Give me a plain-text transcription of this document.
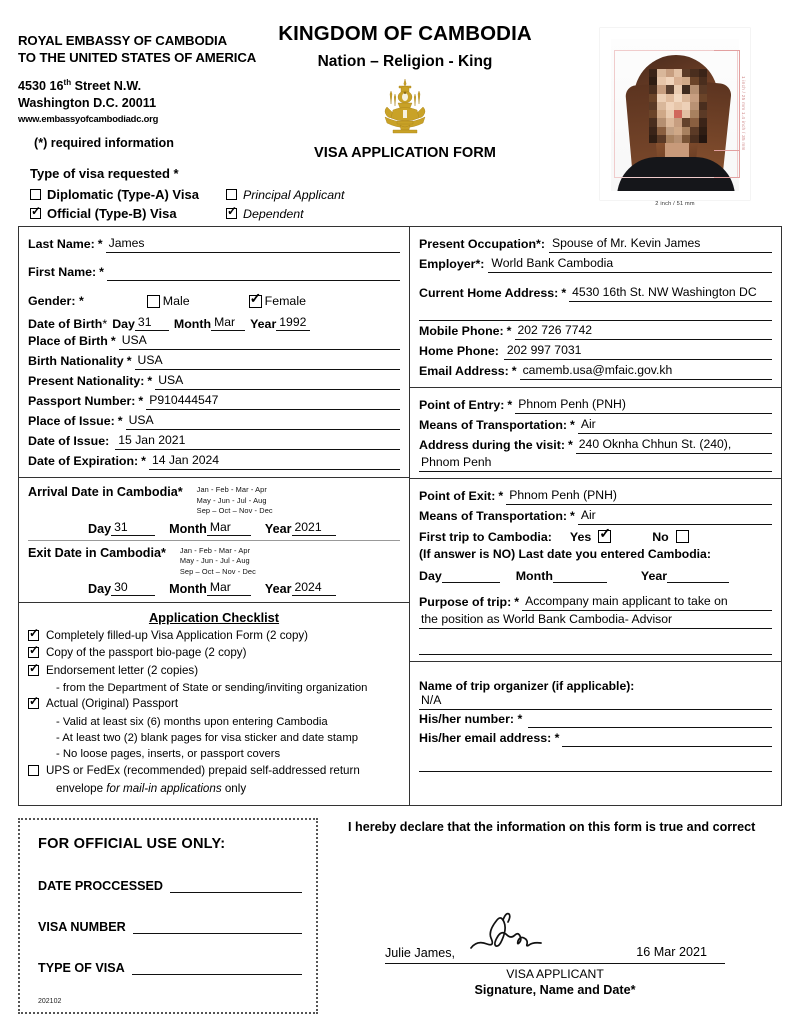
ROYAL EMBASSY OF CAMBODIA
TO THE UNITED STATES OF AMERICA
4530 16th Street N.W.
Washington D.C. 20011
www.embassyofcambodiadc.org
(*) required information
Type of visa requested *
Diplomatic (Type-A) Visa	Principal Applicant
✓
Official (Type-B) Visa ✓	Dependent
KINGDOM OF CAMBODIA
Nation – Religion - King
VISA APPLICATION FORM
1 inch / 25 mm 1.4 inch / 35 mm
2 inch / 51 mm
Last Name: * James
First Name: *
Gender: *	Male ✓	Female
Date of Birth * Day 31	Month Mar	Year 1992
Place of Birth * USA
Birth Nationality * USA
Present Nationality: * USA
Passport Number: * P910444547
Place of Issue: * USA
Date of Issue: 15 Jan 2021
Date of Expiration: * 14 Jan 2024
Arrival Date in Cambodia* Jan - Feb - Mar - Apr
May - Jun - Jul - Aug
Sep – Oct – Nov - Dec
Day 31	Month Mar	Year 2021
Exit Date in Cambodia* Jan - Feb - Mar - Apr
May - Jun - Jul - Aug
Sep – Oct – Nov - Dec
Day 30	Month Mar	Year 2024
Application Checklist
✓
Completely filled-up Visa Application Form (2 copy)
✓
Copy of the passport bio-page (2 copy)
✓
Endorsement letter (2 copies)
- from the Department of State or sending/inviting organization
✓
Actual (Original) Passport
- Valid at least six (6) months upon entering Cambodia
- At least two (2) blank pages for visa sticker and date stamp
- No loose pages, inserts, or passport covers
UPS or FedEx (recommended) prepaid self-addressed return
envelope for mail-in applications only
Present Occupation*: Spouse of Mr. Kevin James
Employer*: World Bank Cambodia
Current Home Address: * 4530 16th St. NW Washington DC
Mobile Phone: * 202 726 7742
Home Phone: 202 997 7031
Email Address: * camemb.usa@mfaic.gov.kh
Point of Entry: * Phnom Penh (PNH)
Means of Transportation: * Air
Address during the visit: * 240 Oknha Chhun St. (240),
Phnom Penh
Point of Exit: * Phnom Penh (PNH)
Means of Transportation: * Air
First trip to Cambodia: Yes ✓	No
(If answer is NO) Last date you entered Cambodia:
Day	Month	Year
Purpose of trip: * Accompany main applicant to take on
the position as World Bank Cambodia- Advisor
Name of trip organizer (if applicable):
N/A
His/her number: *
His/her email address: *
FOR OFFICIAL USE ONLY:
DATE PROCCESSED
VISA NUMBER
TYPE OF VISA
202102
I hereby declare that the information on this form is true and correct
Julie James,	16 Mar 2021
VISA APPLICANT
Signature, Name and Date*
